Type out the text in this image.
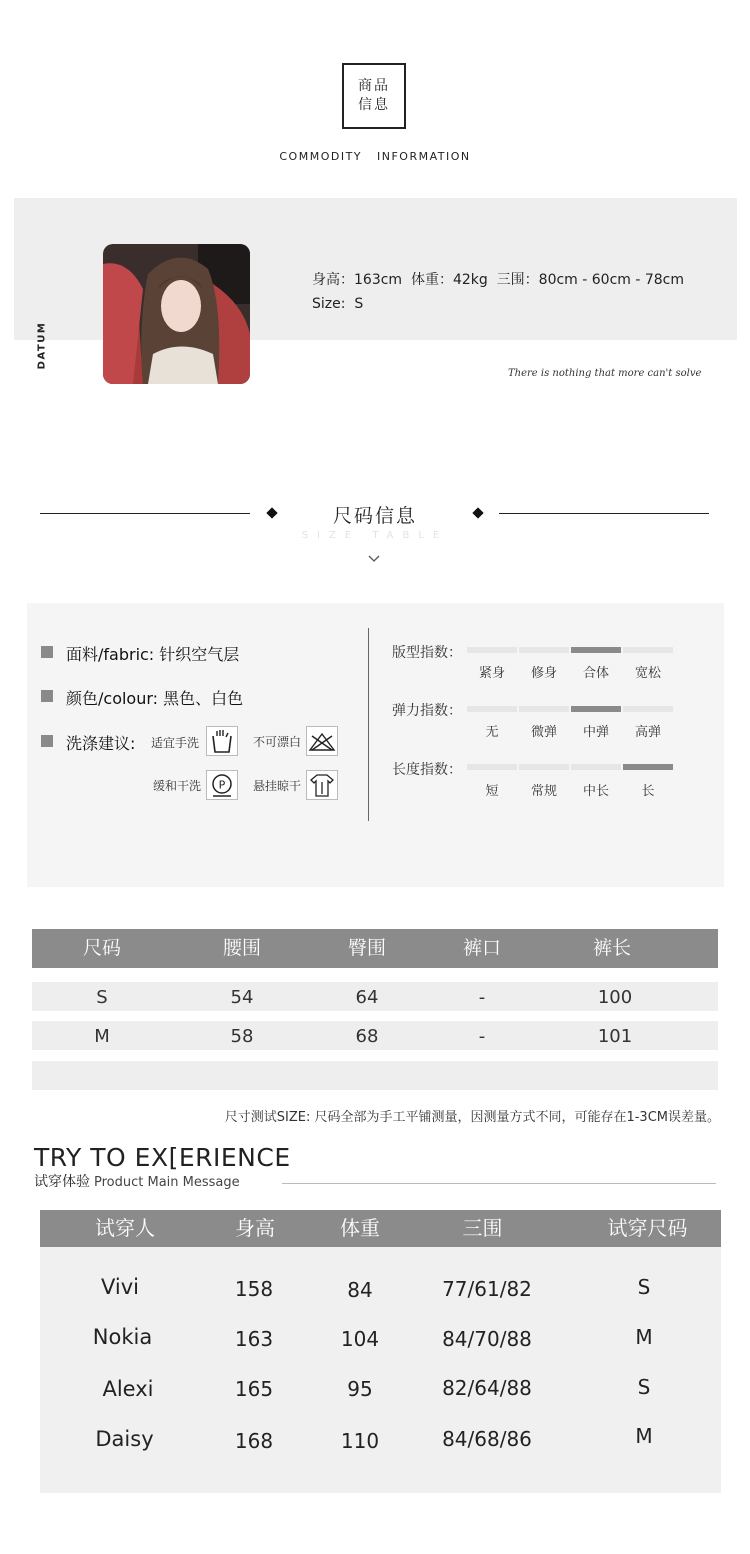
商品
信息
COMMODITY   INFORMATION
DATUM
身高：163cm  体重：42kg  三围：80cm - 60cm - 78cm
Size:  S
There is nothing that more can't solve
尺码信息
SIZE TABLE
面料/fabric: 针织空气层
颜色/colour: 黑色、白色
洗涤建议: 适宜手洗	不可漂白
缓和干洗 P 悬挂晾干
版型指数：
紧身	修身	合体	宽松
弹力指数：
无	微弹	中弹	高弹
长度指数：
短	常规	中长	长
尺码	腰围	臀围	裤口	裤长
S	54	64	-	100
M	58	68	-	101
尺寸测试SIZE: 尺码全部为手工平铺测量，因测量方式不同，可能存在1-3CM误差量。
TRY TO EX[ERIENCE
试穿体验 Product Main Message
试穿人	身高	体重	三围	试穿尺码
Vivi	158	84	77/61/82	S
Nokia	163	104	84/70/88	M
Alexi	165	95	82/64/88	S
Daisy	168	110	84/68/86	M
